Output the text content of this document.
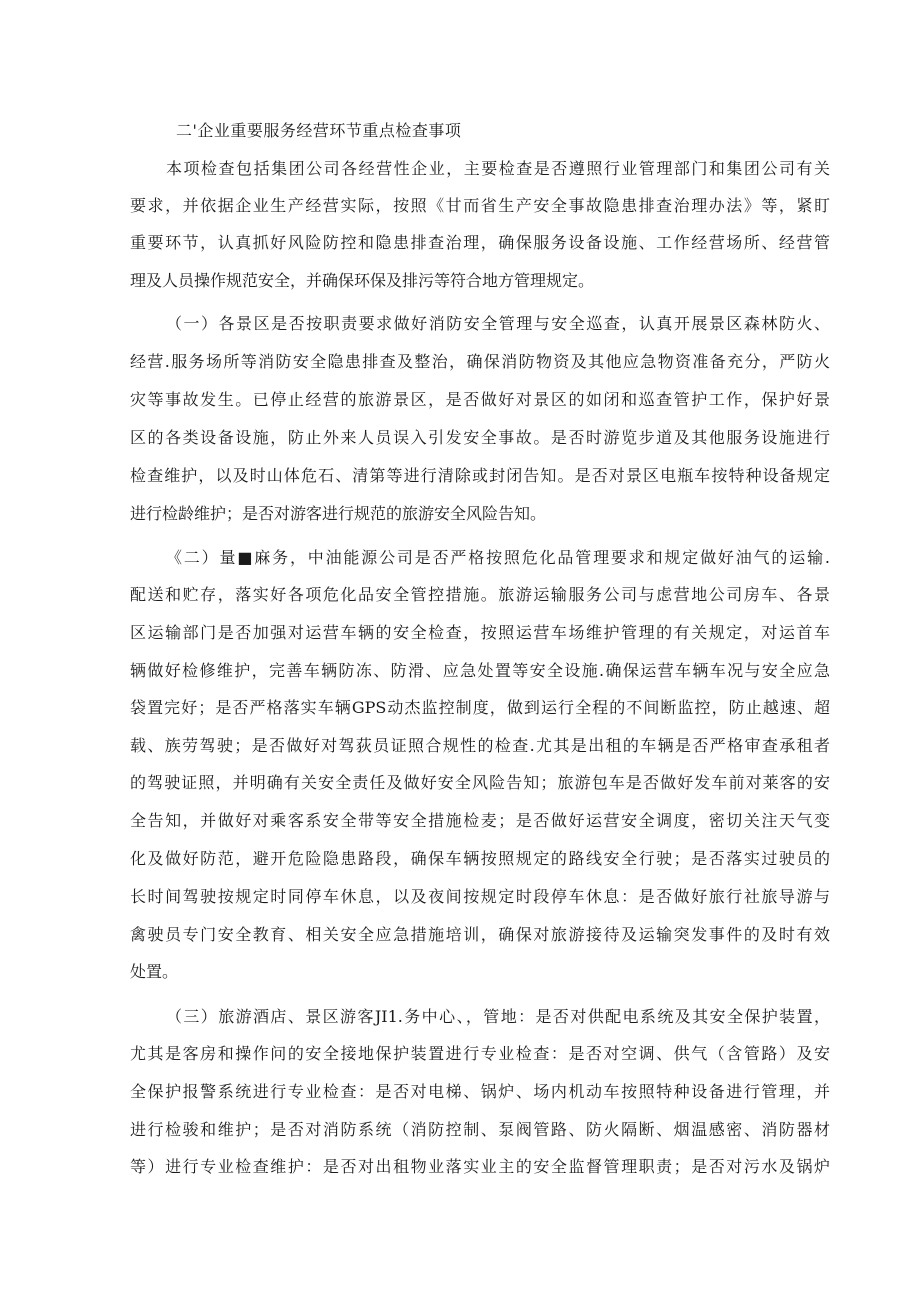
二'企业重要服务经营环节重点检查事项
本项检查包括集团公司各经营性企业，主要检查是否遵照行业管理部门和集团公司有关
要求，并依据企业生产经营实际，按照《甘而省生产安全事故隐患排查治理办法》等，紧盯
重要环节，认真抓好风险防控和隐患排查治理，确保服务设备设施、工作经营场所、经营管
理及人员操作规范安全，并确保环保及排污等符合地方管理规定。
（一）各景区是否按职责要求做好消防安全管理与安全巡查，认真开展景区森林防火、
经营.服务场所等消防安全隐患排查及整治，确保消防物资及其他应急物资准备充分，严防火
灾等事故发生。已停止经营的旅游景区，是否做好对景区的如闭和巡查管护工作，保护好景
区的各类设备设施，防止外来人员误入引发安全事故。是否时游览步道及其他服务设施进行
检查维护，以及时山体危石、清第等进行清除或封闭告知。是否对景区电瓶车按特种设备规定
进行检龄维护；是否对游客进行规范的旅游安全风险告知。
《二）量■麻务，中油能源公司是否严格按照危化品管理要求和规定做好油气的运输.
配送和贮存，落实好各项危化品安全管控措施。旅游运输服务公司与虑营地公司房车、各景
区运输部门是否加强对运营车辆的安全检查，按照运营车场维护管理的有关规定，对运首车
辆做好检修维护，完善车辆防冻、防滑、应急处置等安全设施.确保运营车辆车况与安全应急
袋置完好；是否严格落实车辆GPS动杰监控制度，做到运行全程的不间断监控，防止越速、超
载、族劳驾驶；是否做好对驾荻员证照合规性的检查.尤其是出租的车辆是否严格审查承租者
的驾驶证照，并明确有关安全责任及做好安全风险告知；旅游包车是否做好发车前对莱客的安
全告知，并做好对乘客系安全带等安全措施检麦；是否做好运营安全调度，密切关注天气变
化及做好防范，避开危险隐患路段，确保车辆按照规定的路线安全行驶；是否落实过驶员的
长时间驾驶按规定时同停车休息，以及夜间按规定时段停车休息：是否做好旅行社旅导游与
禽驶员专门安全教育、相关安全应急措施培训，确保对旅游接待及运输突发事件的及时有效
处置。
（三）旅游酒店、景区游客JI1.务中心、，管地：是否对供配电系统及其安全保护装置，
尤其是客房和操作问的安全接地保护装置进行专业检查：是否对空调、供气（含管路）及安
全保护报警系统进行专业检查：是否对电梯、锅炉、场内机动车按照特种设备进行管理，并
进行检骏和维护；是否对消防系统（消防控制、泵阀管路、防火隔断、烟温感密、消防器材
等）进行专业检查维护：是否对出租物业落实业主的安全监督管理职责；是否对污水及锅炉
